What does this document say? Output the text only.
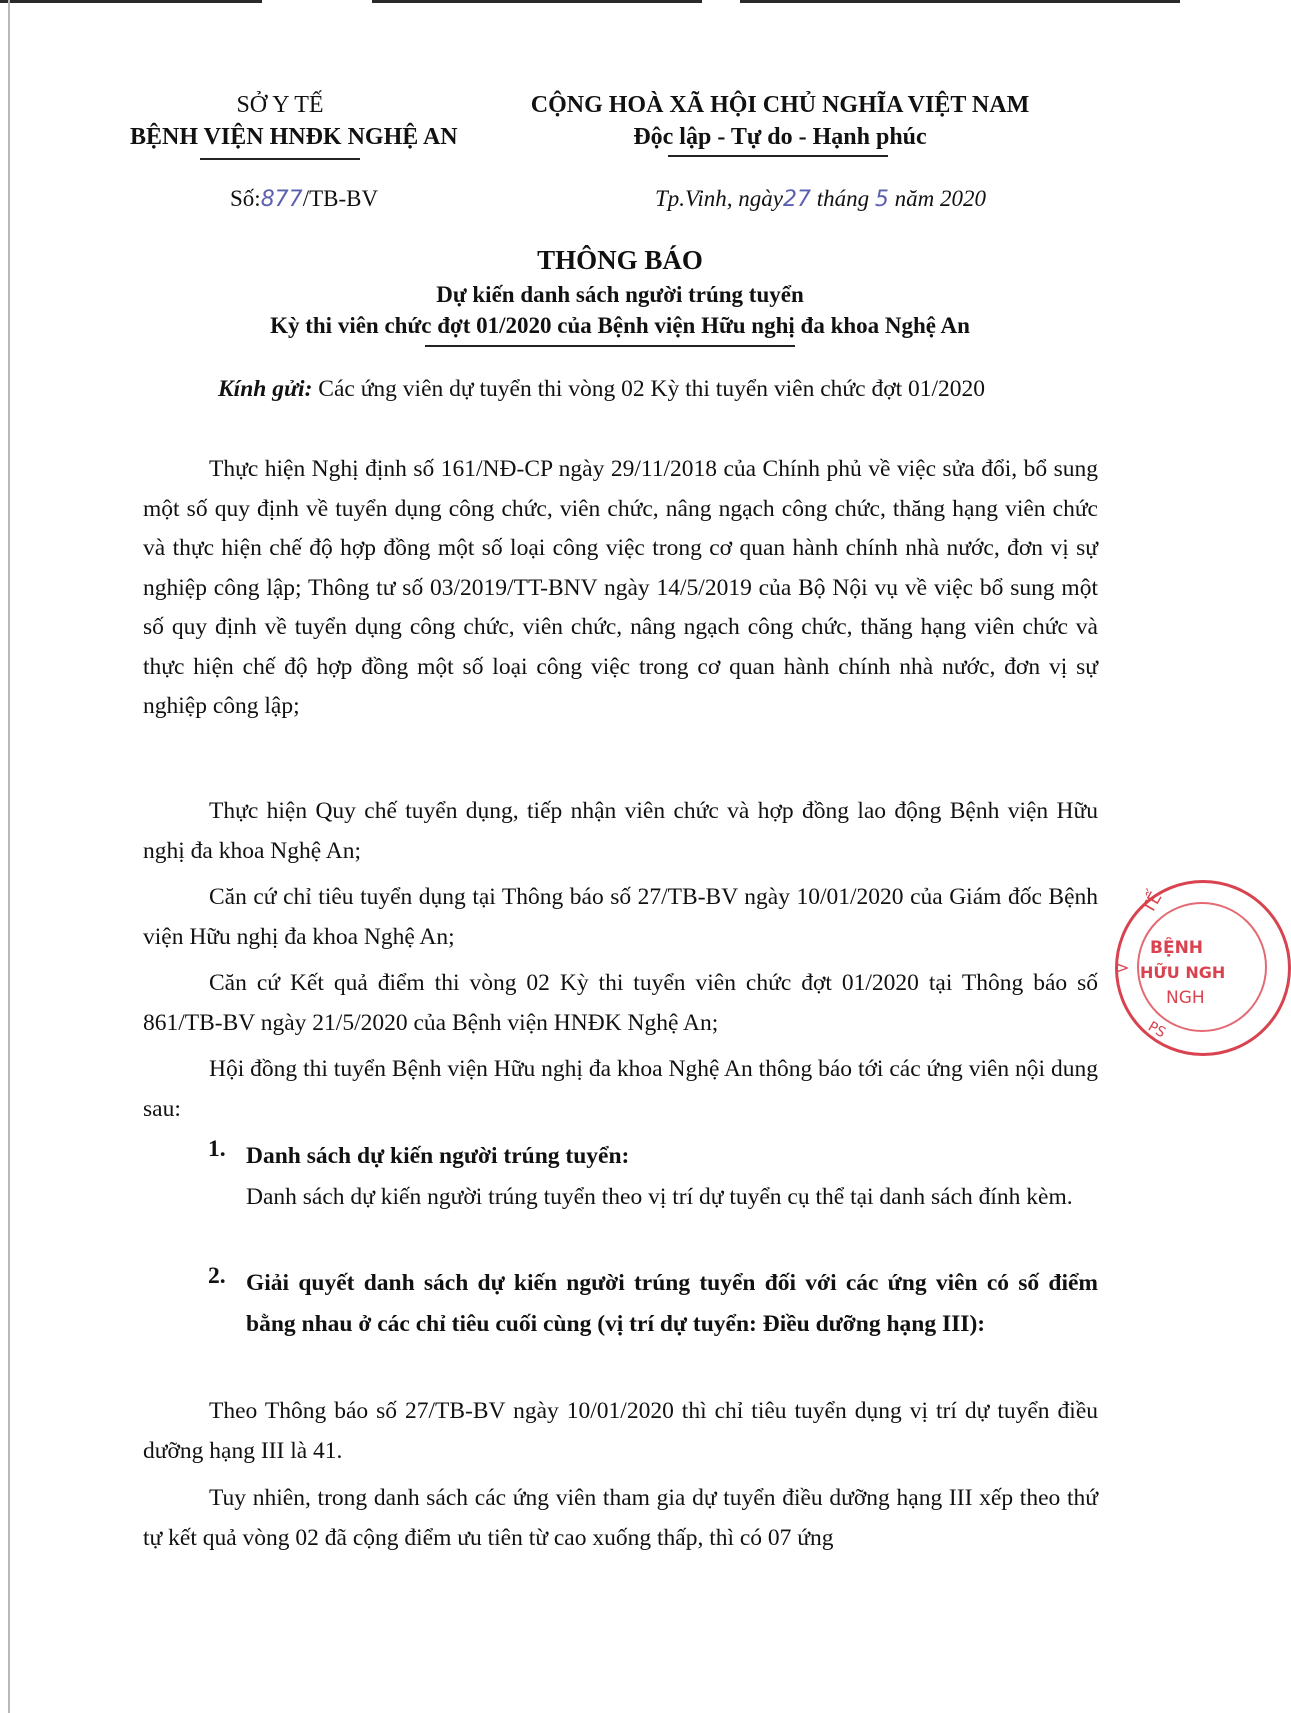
SỞ Y TẾ
BỆNH VIỆN HNĐK NGHỆ AN
CỘNG HOÀ XÃ HỘI CHỦ NGHĨA VIỆT NAM
Độc lập - Tự do - Hạnh phúc
Số:877/TB-BV	Tp.Vinh, ngày27 tháng 5 năm 2020
THÔNG BÁO
Dự kiến danh sách người trúng tuyển
Kỳ thi viên chức đợt 01/2020 của Bệnh viện Hữu nghị đa khoa Nghệ An
Kính gửi: Các ứng viên dự tuyển thi vòng 02 Kỳ thi tuyển viên chức đợt 01/2020
Thực hiện Nghị định số 161/NĐ-CP ngày 29/11/2018 của Chính phủ về việc sửa đổi, bổ sung một số quy định về tuyển dụng công chức, viên chức, nâng ngạch công chức, thăng hạng viên chức và thực hiện chế độ hợp đồng một số loại công việc trong cơ quan hành chính nhà nước, đơn vị sự nghiệp công lập; Thông tư số 03/2019/TT-BNV ngày 14/5/2019 của Bộ Nội vụ về việc bổ sung một số quy định về tuyển dụng công chức, viên chức, nâng ngạch công chức, thăng hạng viên chức và thực hiện chế độ hợp đồng một số loại công việc trong cơ quan hành chính nhà nước, đơn vị sự nghiệp công lập;
Thực hiện Quy chế tuyển dụng, tiếp nhận viên chức và hợp đồng lao động Bệnh viện Hữu nghị đa khoa Nghệ An;
Căn cứ chỉ tiêu tuyển dụng tại Thông báo số 27/TB-BV ngày 10/01/2020 của Giám đốc Bệnh viện Hữu nghị đa khoa Nghệ An;
Căn cứ Kết quả điểm thi vòng 02 Kỳ thi tuyển viên chức đợt 01/2020 tại Thông báo số 861/TB-BV ngày 21/5/2020 của Bệnh viện HNĐK Nghệ An;
Hội đồng thi tuyển Bệnh viện Hữu nghị đa khoa Nghệ An thông báo tới các ứng viên nội dung sau:
1. Danh sách dự kiến người trúng tuyển:
Danh sách dự kiến người trúng tuyển theo vị trí dự tuyển cụ thể tại danh sách đính kèm.
2. Giải quyết danh sách dự kiến người trúng tuyển đối với các ứng viên có số điểm bằng nhau ở các chỉ tiêu cuối cùng (vị trí dự tuyển: Điều dưỡng hạng III):
Theo Thông báo số 27/TB-BV ngày 10/01/2020 thì chỉ tiêu tuyển dụng vị trí dự tuyển điều dưỡng hạng III là 41.
Tuy nhiên, trong danh sách các ứng viên tham gia dự tuyển điều dưỡng hạng III xếp theo thứ tự kết quả vòng 02 đã cộng điểm ưu tiên từ cao xuống thấp, thì có 07 ứng
TẾ
BỆNH
HỮU NGH
NGH
PS
>
